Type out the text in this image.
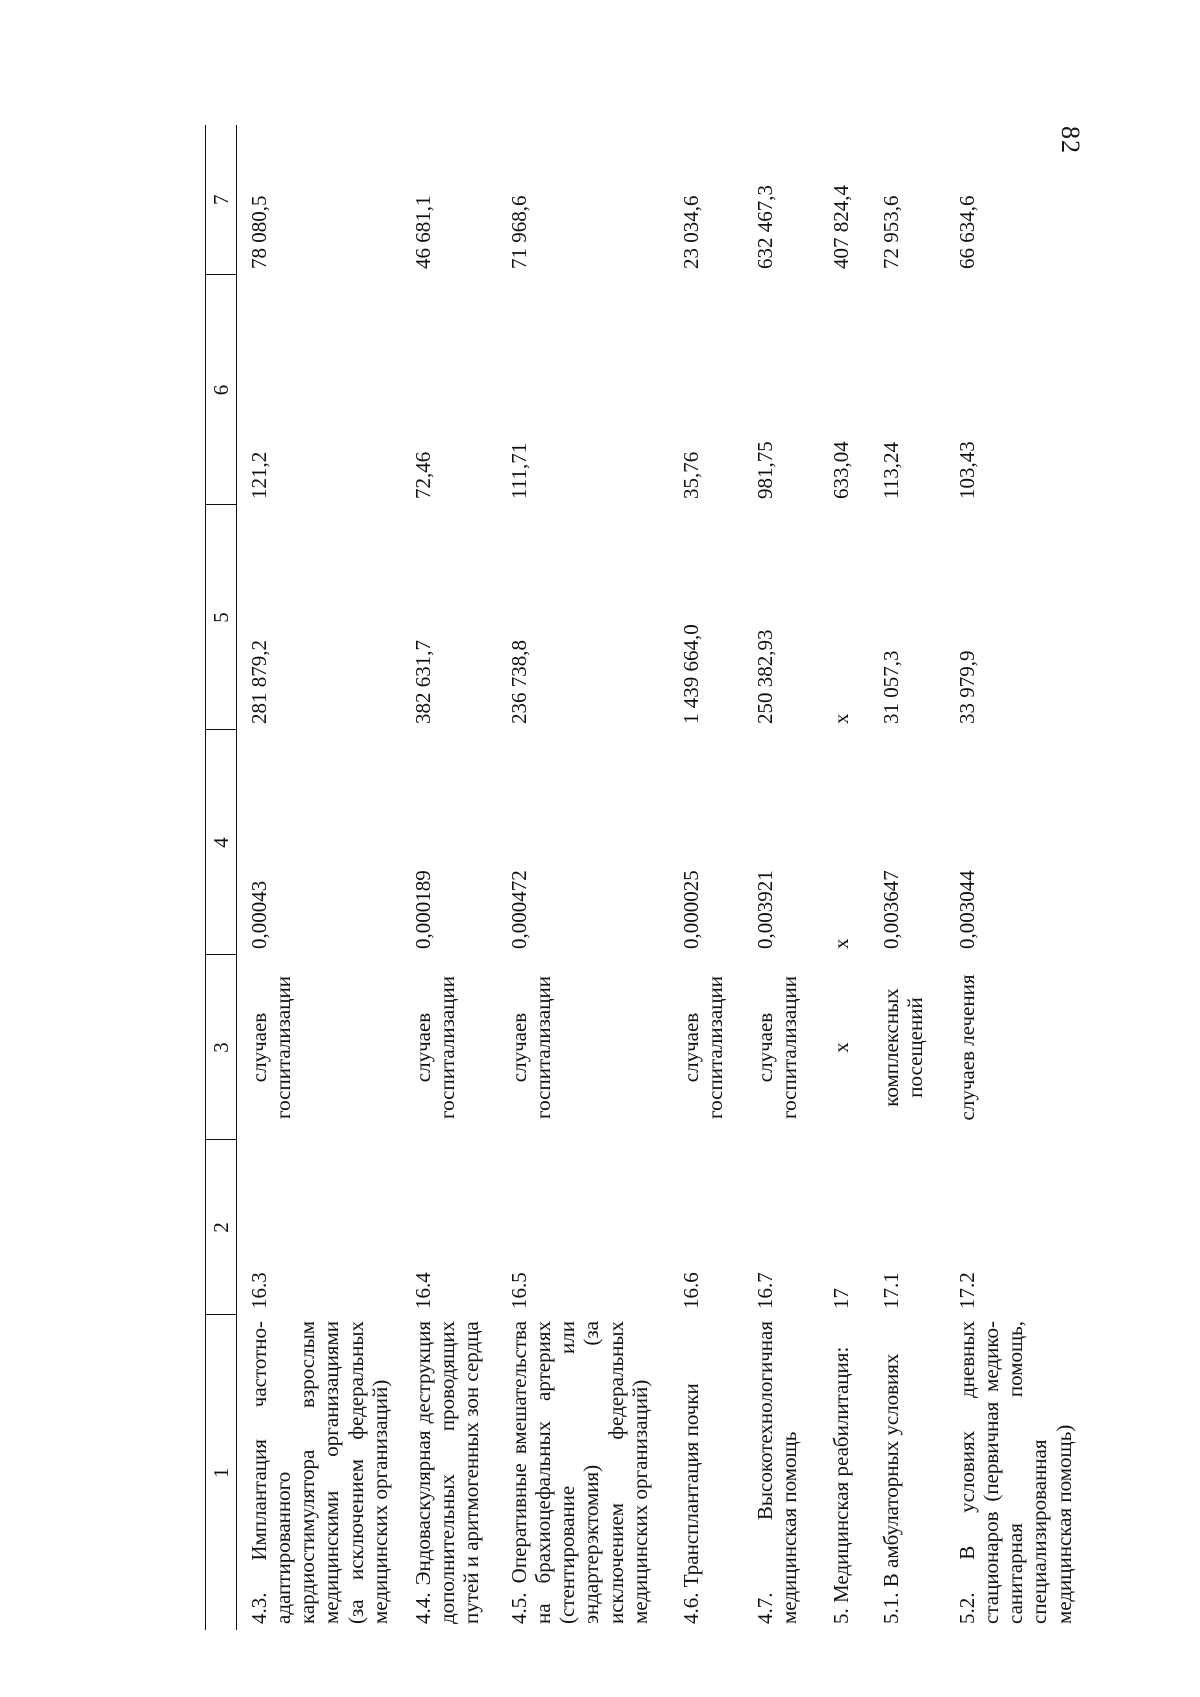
82
1	2	3	4	5	6	7
4.3. Имплантация частотно-адаптированного кардиостимулятора взрослым медицинскими организациями (за исключением федеральных медицинских организаций)	16.3	случаев госпитализации	0,00043	281 879,2	121,2	78 080,5
4.4. Эндоваскулярная деструкция дополнительных проводящих путей и аритмогенных зон сердца	16.4	случаев госпитализации	0,000189	382 631,7	72,46	46 681,1
4.5. Оперативные вмешательства на брахиоцефальных артериях (стентирование или эндартерэктомия) (за исключением федеральных медицинских организаций)	16.5	случаев госпитализации	0,000472	236 738,8	111,71	71 968,6
4.6. Трансплантация почки	16.6	случаев госпитализации	0,000025	1 439 664,0	35,76	23 034,6
4.7. Высокотехнологичная медицинская помощь	16.7	случаев госпитализации	0,003921	250 382,93	981,75	632 467,3
5. Медицинская реабилитация:	17	х	х	х	633,04	407 824,4
5.1. В амбулаторных условиях	17.1	комплексных посещений	0,003647	31 057,3	113,24	72 953,6
5.2. В условиях дневных стационаров (первичная медико-санитарная помощь, специализированная медицинская помощь)	17.2	случаев лечения	0,003044	33 979,9	103,43	66 634,6
